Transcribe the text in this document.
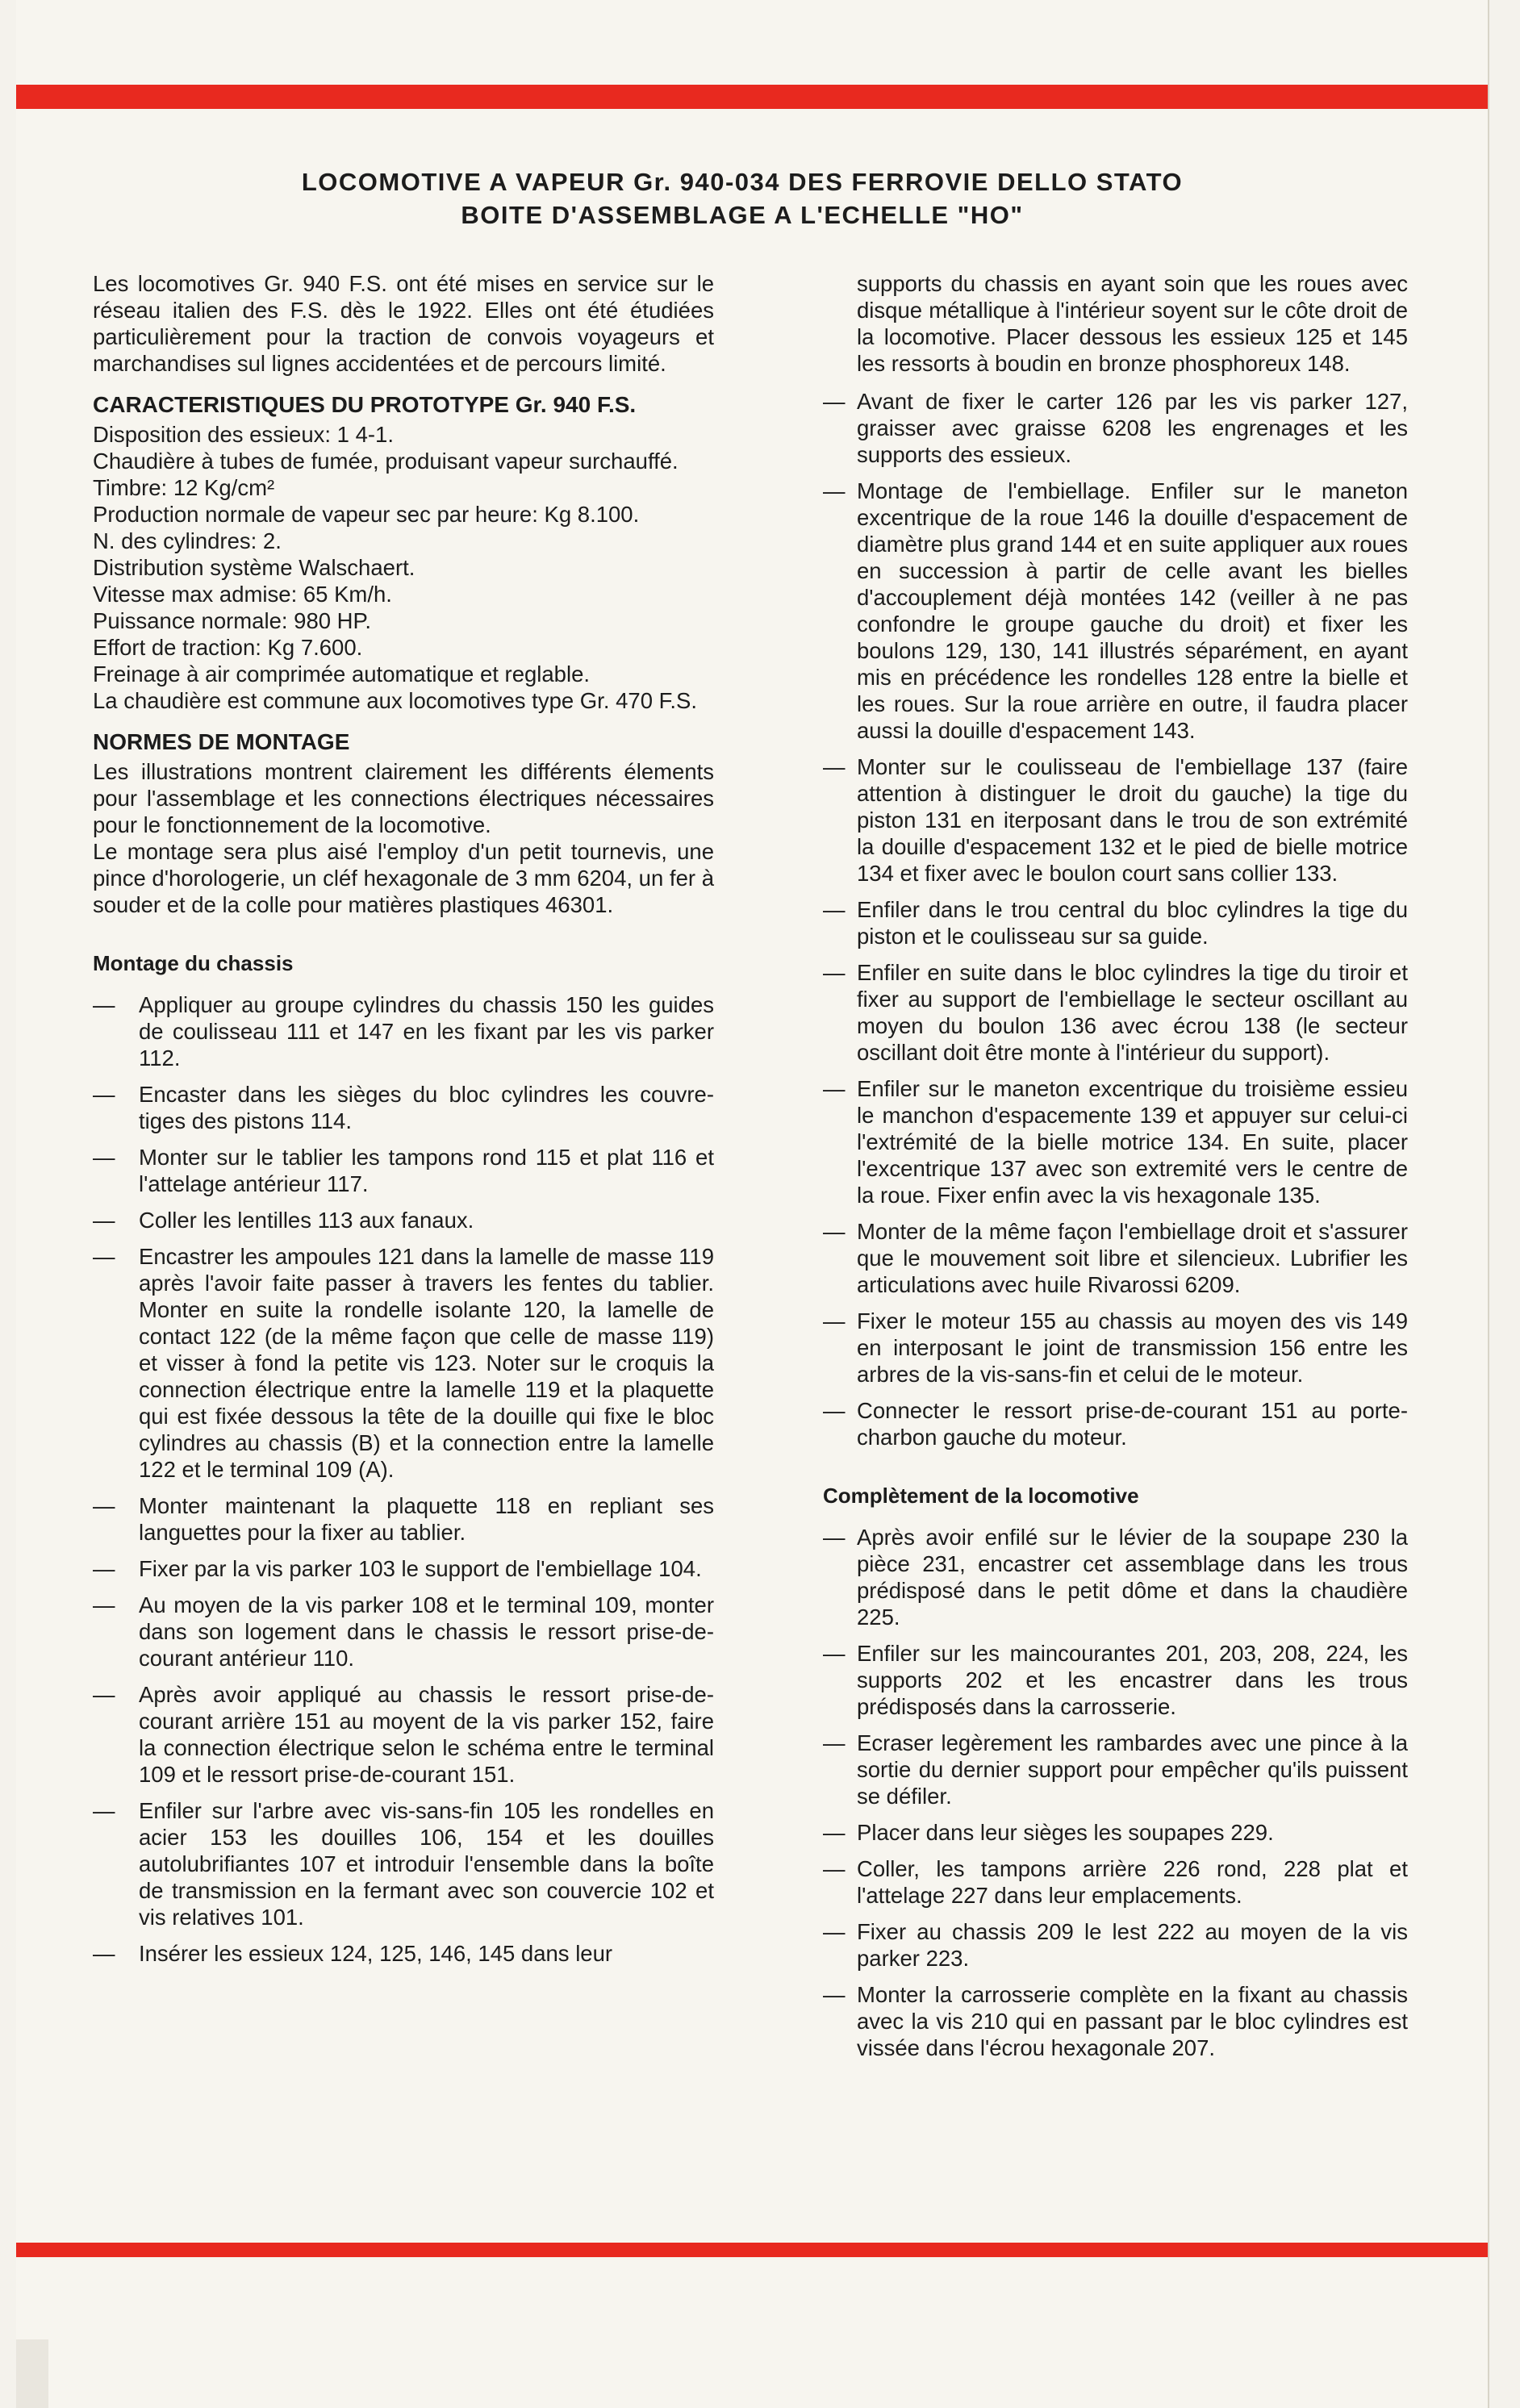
LOCOMOTIVE A VAPEUR Gr. 940-034 DES FERROVIE DELLO STATO
BOITE D'ASSEMBLAGE A L'ECHELLE "HO"

Les locomotives Gr. 940 F.S. ont été mises en service sur le réseau italien des F.S. dès le 1922. Elles ont été étudiées particulièrement pour la traction de convois voyageurs et marchandises sul lignes accidentées et de percours limité.

CARACTERISTIQUES DU PROTOTYPE Gr. 940 F.S.

Disposition des essieux: 1 4-1.

Chaudière à tubes de fumée, produisant vapeur surchauffé.

Timbre: 12 Kg/cm²

Production normale de vapeur sec par heure: Kg 8.100.

N. des cylindres: 2.

Distribution système Walschaert.

Vitesse max admise: 65 Km/h.

Puissance normale: 980 HP.

Effort de traction: Kg 7.600.

Freinage à air comprimée automatique et reglable.

La chaudière est commune aux locomotives type Gr. 470 F.S.

NORMES DE MONTAGE

Les illustrations montrent clairement les différents élements pour l'assemblage et les connections électriques nécessaires pour le fonctionnement de la locomotive.

Le montage sera plus aisé l'employ d'un petit tournevis, une pince d'horologerie, un cléf hexagonale de 3 mm 6204, un fer à souder et de la colle pour matières plastiques 46301.

Montage du chassis
— Appliquer au groupe cylindres du chassis 150 les guides de coulisseau 111 et 147 en les fixant par les vis parker 112.
— Encaster dans les sièges du bloc cylindres les couvre-tiges des pistons 114.
— Monter sur le tablier les tampons rond 115 et plat 116 et l'attelage antérieur 117.
— Coller les lentilles 113 aux fanaux.
— Encastrer les ampoules 121 dans la lamelle de masse 119 après l'avoir faite passer à travers les fentes du tablier. Monter en suite la rondelle isolante 120, la lamelle de contact 122 (de la même façon que celle de masse 119) et visser à fond la petite vis 123. Noter sur le croquis la connection électrique entre la lamelle 119 et la plaquette qui est fixée dessous la tête de la douille qui fixe le bloc cylindres au chassis (B) et la connection entre la lamelle 122 et le terminal 109 (A).
— Monter maintenant la plaquette 118 en repliant ses languettes pour la fixer au tablier.
— Fixer par la vis parker 103 le support de l'embiellage 104.
— Au moyen de la vis parker 108 et le terminal 109, monter dans son logement dans le chassis le ressort prise-de-courant antérieur 110.
— Après avoir appliqué au chassis le ressort prise-de-courant arrière 151 au moyent de la vis parker 152, faire la connection électrique selon le schéma entre le terminal 109 et le ressort prise-de-courant 151.
— Enfiler sur l'arbre avec vis-sans-fin 105 les rondelles en acier 153 les douilles 106, 154 et les douilles autolubrifiantes 107 et introduir l'ensemble dans la boîte de transmission en la fermant avec son couvercie 102 et vis relatives 101.
— Insérer les essieux 124, 125, 146, 145 dans leur

supports du chassis en ayant soin que les roues avec disque métallique à l'intérieur soyent sur le côte droit de la locomotive. Placer dessous les essieux 125 et 145 les ressorts à boudin en bronze phosphoreux 148.

— Avant de fixer le carter 126 par les vis parker 127, graisser avec graisse 6208 les engrenages et les supports des essieux.
— Montage de l'embiellage. Enfiler sur le maneton excentrique de la roue 146 la douille d'espacement de diamètre plus grand 144 et en suite appliquer aux roues en succession à partir de celle avant les bielles d'accouplement déjà montées 142 (veiller à ne pas confondre le groupe gauche du droit) et fixer les boulons 129, 130, 141 illustrés séparément, en ayant mis en précédence les rondelles 128 entre la bielle et les roues. Sur la roue arrière en outre, il faudra placer aussi la douille d'espacement 143.
— Monter sur le coulisseau de l'embiellage 137 (faire attention à distinguer le droit du gauche) la tige du piston 131 en iterposant dans le trou de son extrémité la douille d'espacement 132 et le pied de bielle motrice 134 et fixer avec le boulon court sans collier 133.
— Enfiler dans le trou central du bloc cylindres la tige du piston et le coulisseau sur sa guide.
— Enfiler en suite dans le bloc cylindres la tige du tiroir et fixer au support de l'embiellage le secteur oscillant au moyen du boulon 136 avec écrou 138 (le secteur oscillant doit être monte à l'intérieur du support).
— Enfiler sur le maneton excentrique du troisième essieu le manchon d'espacemente 139 et appuyer sur celui-ci l'extrémité de la bielle motrice 134. En suite, placer l'excentrique 137 avec son extremité vers le centre de la roue. Fixer enfin avec la vis hexagonale 135.
— Monter de la même façon l'embiellage droit et s'assurer que le mouvement soit libre et silencieux. Lubrifier les articulations avec huile Rivarossi 6209.
— Fixer le moteur 155 au chassis au moyen des vis 149 en interposant le joint de transmission 156 entre les arbres de la vis-sans-fin et celui de le moteur.
— Connecter le ressort prise-de-courant 151 au porte-charbon gauche du moteur.
Complètement de la locomotive
— Après avoir enfilé sur le lévier de la soupape 230 la pièce 231, encastrer cet assemblage dans les trous prédisposé dans le petit dôme et dans la chaudière 225.
— Enfiler sur les maincourantes 201, 203, 208, 224, les supports 202 et les encastrer dans les trous prédisposés dans la carrosserie.
— Ecraser legèrement les rambardes avec une pince à la sortie du dernier support pour empêcher qu'ils puissent se défiler.
— Placer dans leur sièges les soupapes 229.
— Coller, les tampons arrière 226 rond, 228 plat et l'attelage 227 dans leur emplacements.
— Fixer au chassis 209 le lest 222 au moyen de la vis parker 223.
— Monter la carrosserie complète en la fixant au chassis avec la vis 210 qui en passant par le bloc cylindres est vissée dans l'écrou hexagonale 207.
